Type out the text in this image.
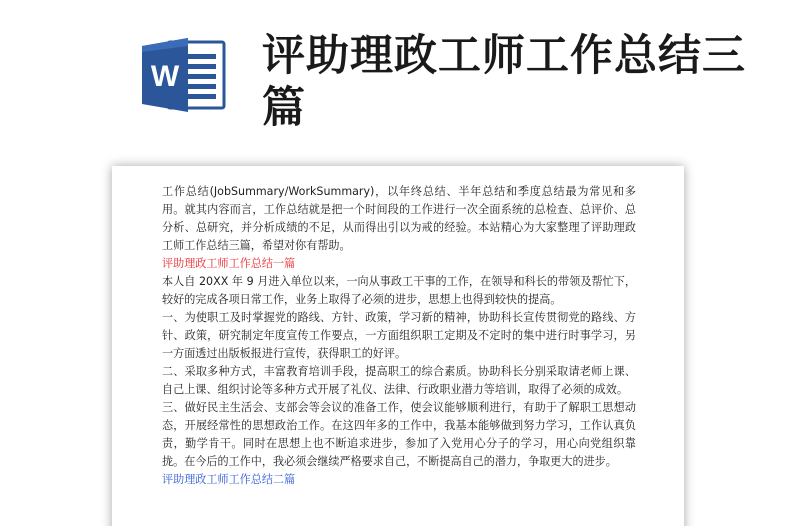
W 评助理政工师工作总结三篇

工作总结(JobSummary/WorkSummary)，以年终总结、半年总结和季度总结最为常见和多用。就其内容而言，工作总结就是把一个时间段的工作进行一次全面系统的总检查、总评价、总分析、总研究，并分析成绩的不足，从而得出引以为戒的经验。本站精心为大家整理了评助理政工师工作总结三篇，希望对你有帮助。

评助理政工师工作总结一篇

本人自 20XX 年 9 月进入单位以来，一向从事政工干事的工作，在领导和科长的带领及帮忙下，较好的完成各项日常工作，业务上取得了必须的进步，思想上也得到较快的提高。

一、为使职工及时掌握党的路线、方针、政策，学习新的精神，协助科长宣传贯彻党的路线、方针、政策，研究制定年度宣传工作要点，一方面组织职工定期及不定时的集中进行时事学习，另一方面透过出版板报进行宣传，获得职工的好评。

二、采取多种方式，丰富教育培训手段，提高职工的综合素质。协助科长分别采取请老师上课、自己上课、组织讨论等多种方式开展了礼仪、法律、行政职业潜力等培训，取得了必须的成效。

三、做好民主生活会、支部会等会议的准备工作，使会议能够顺利进行，有助于了解职工思想动态，开展经常性的思想政治工作。在这四年多的工作中，我基本能够做到努力学习，工作认真负责，勤学肯干。同时在思想上也不断追求进步，参加了入党用心分子的学习，用心向党组织靠拢。在今后的工作中，我必须会继续严格要求自己，不断提高自己的潜力，争取更大的进步。

评助理政工师工作总结二篇
